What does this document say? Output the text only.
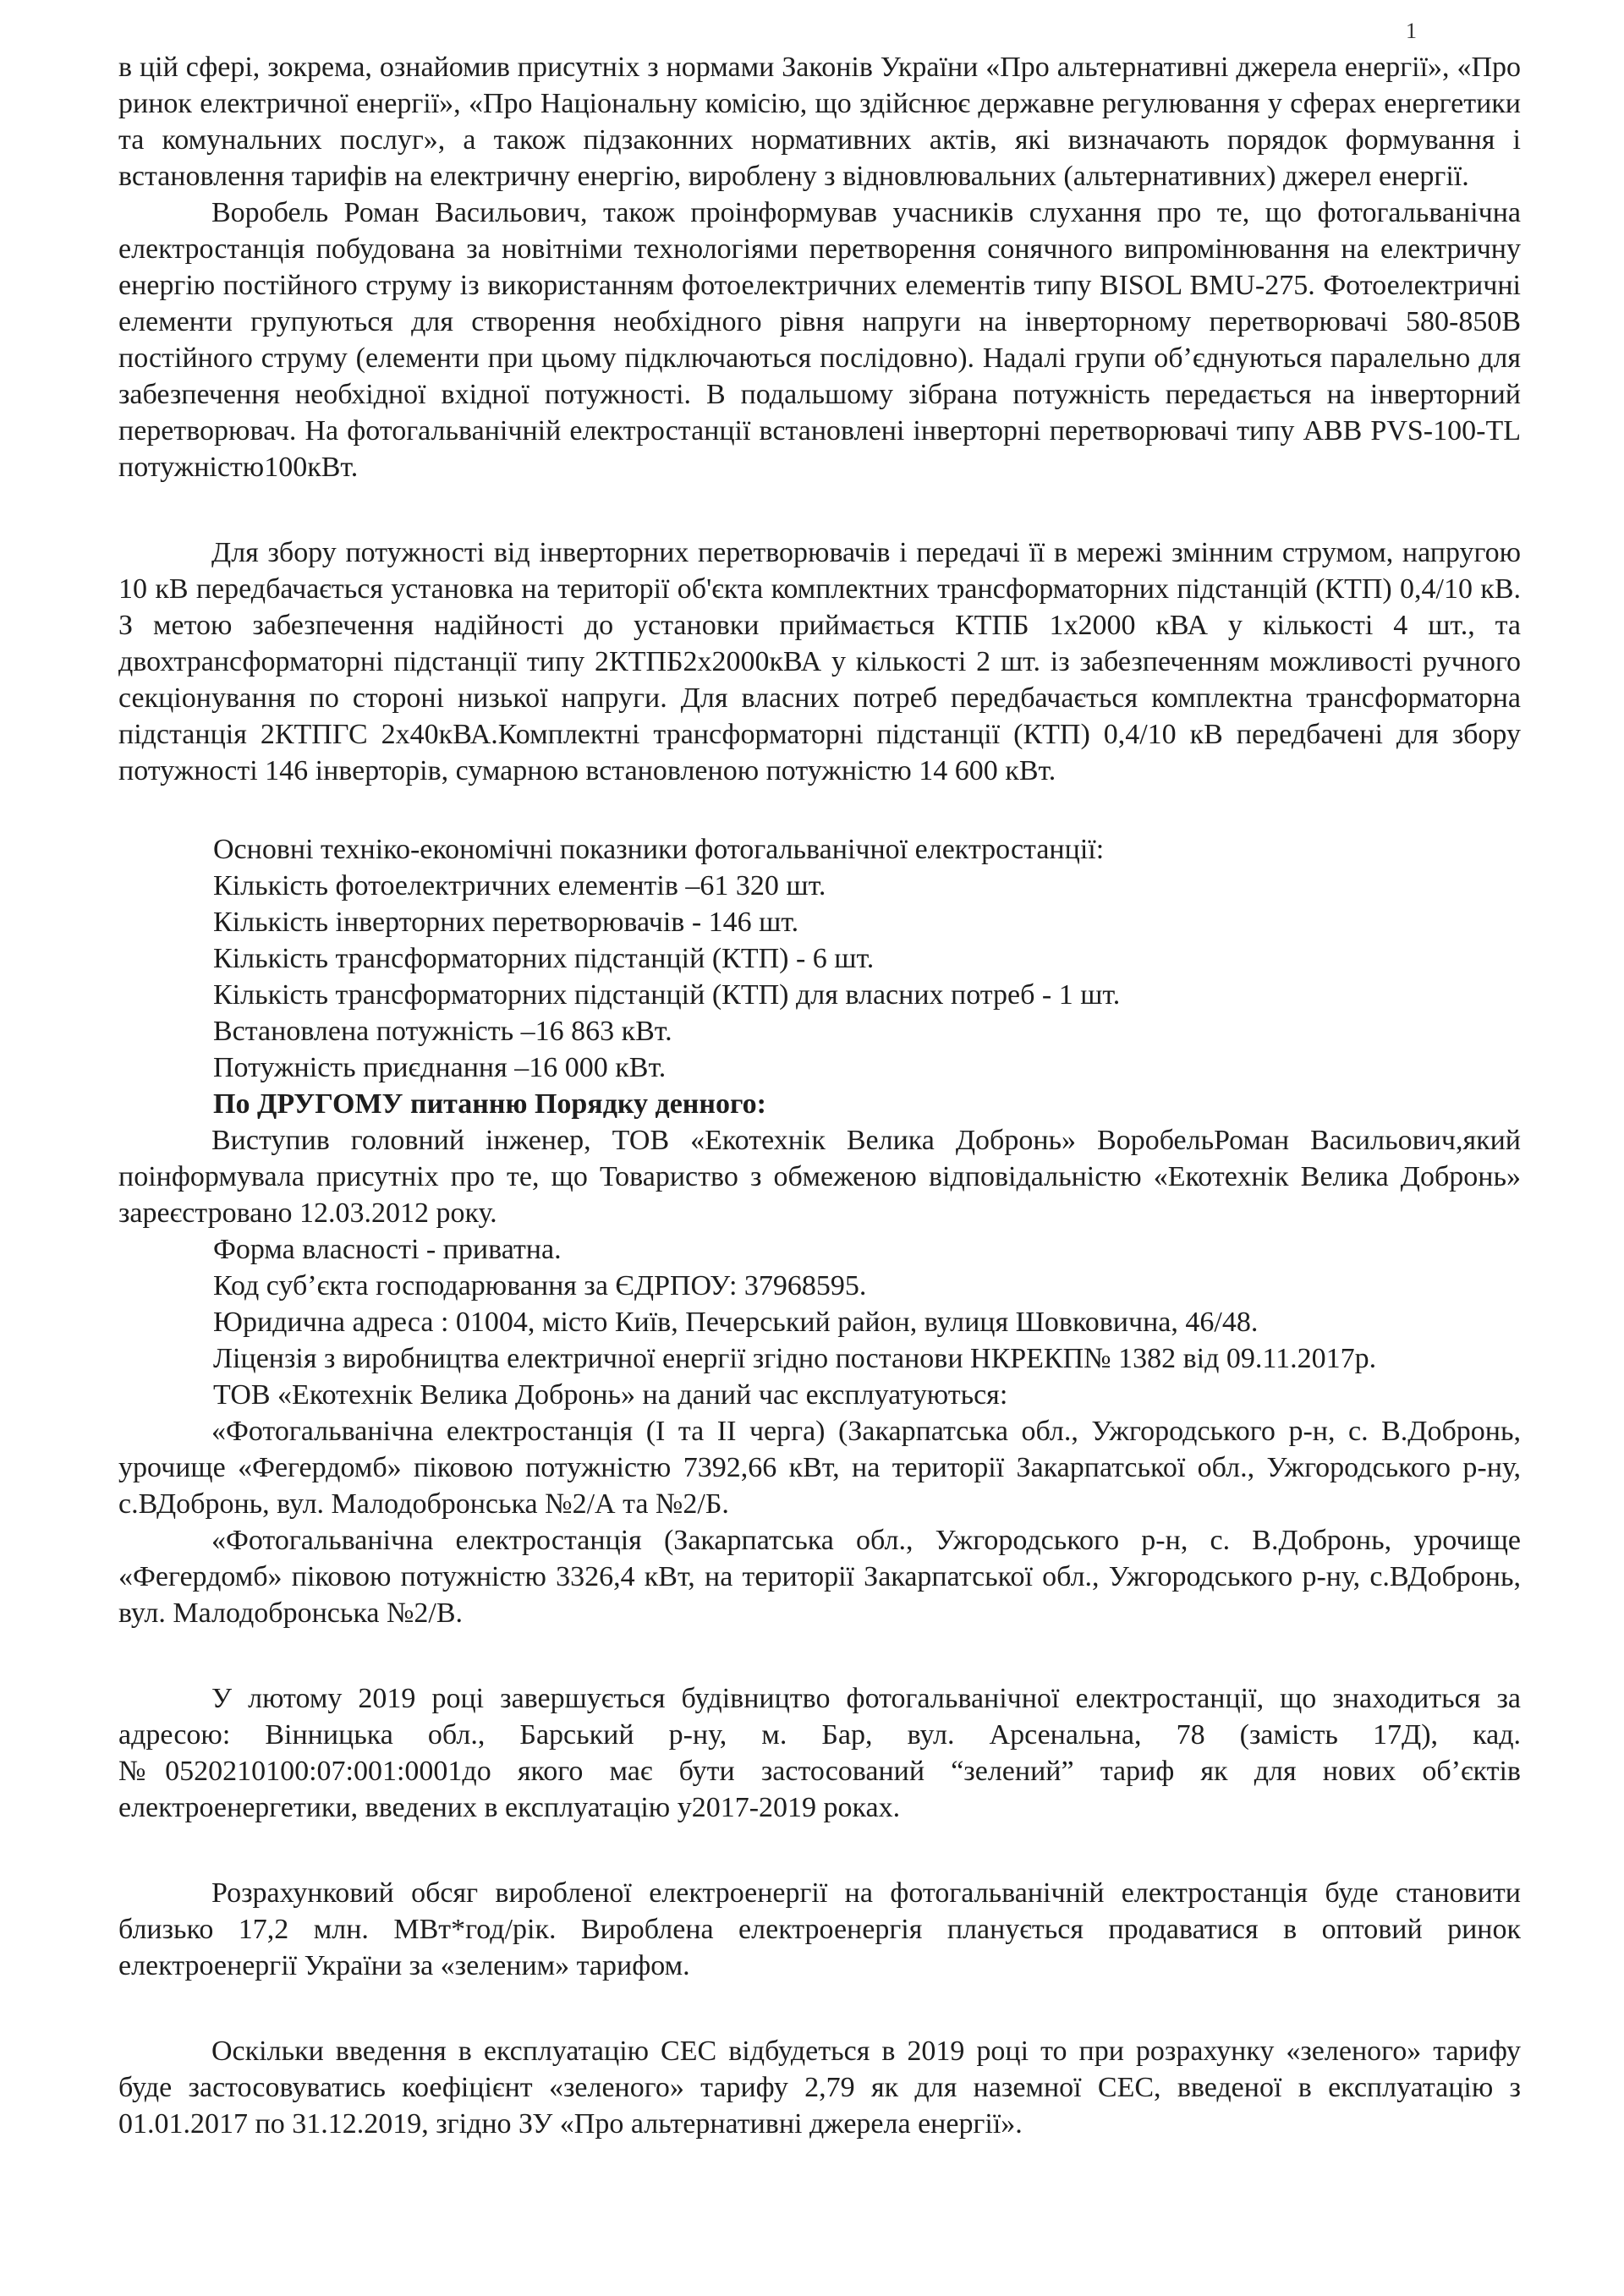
1

в цій сфері, зокрема, ознайомив присутніх з нормами Законів України «Про альтернативні джерела енергії», «Про ринок електричної енергії», «Про Національну комісію, що здійснює державне регулювання у сферах енергетики та комунальних послуг», а також підзаконних нормативних актів, які визначають порядок формування і встановлення тарифів на електричну енергію, вироблену з відновлювальних (альтернативних) джерел енергії.

Воробель Роман Васильович, також проінформував учасників слухання про те, що фотогальванічна електростанція побудована за новітніми технологіями перетворення сонячного випромінювання на електричну енергію постійного струму із використанням фотоелектричних елементів типу BISOL BMU-275. Фотоелектричні елементи групуються для створення необхідного рівня напруги на інверторному перетворювачі 580-850В постійного струму (елементи при цьому підключаються послідовно). Надалі групи об’єднуються паралельно для забезпечення необхідної вхідної потужності. В подальшому зібрана потужність передається на інверторний перетворювач. На фотогальванічній електростанції встановлені інверторні перетворювачі типу ABB PVS-100-TL потужністю100кВт.

Для збору потужності від інверторних перетворювачів і передачі її в мережі змінним струмом, напругою 10 кВ передбачається установка на території об'єкта комплектних трансформаторних підстанцій (КТП) 0,4/10 кВ. З метою забезпечення надійності до установки приймається КТПБ 1х2000 кВА у кількості 4 шт., та двохтрансформаторні підстанції типу 2КТПБ2х2000кВА у кількості 2 шт. із забезпеченням можливості ручного секціонування по стороні низької напруги. Для власних потреб передбачається комплектна трансформаторна підстанція 2КТПГС 2х40кВА.Комплектні трансформаторні підстанції (КТП) 0,4/10 кВ передбачені для збору потужності 146 інверторів, сумарною встановленою потужністю 14 600 кВт.

Основні техніко-економічні показники фотогальванічної електростанції:
Кількість фотоелектричних елементів –61 320 шт.
Кількість інверторних перетворювачів - 146 шт.
Кількість трансформаторних підстанцій (КТП) - 6 шт.
Кількість трансформаторних підстанцій (КТП) для власних потреб - 1 шт.
Встановлена потужність –16 863 кВт.
Потужність приєднання –16 000 кВт.

По ДРУГОМУ питанню Порядку денного:

Виступив головний інженер, ТОВ «Екотехнік Велика Добронь» ВоробельРоман Васильович,який поінформувала присутніх про те, що Товариство з обмеженою відповідальністю «Екотехнік Велика Добронь» зареєстровано 12.03.2012 року.

Форма власності - приватна.
Код суб’єкта господарювання за ЄДРПОУ: 37968595.
Юридична адреса : 01004, місто Київ, Печерський район, вулиця Шовковична, 46/48.
Ліцензія з виробництва електричної енергії згідно постанови НКРЕКП№ 1382 від 09.11.2017р.
ТОВ «Екотехнік Велика Добронь» на даний час експлуатуються:

«Фотогальванічна електростанція (І та ІІ черга) (Закарпатська обл., Ужгородського р-н, с. В.Добронь, урочище «Фегердомб» піковою потужністю 7392,66 кВт, на території Закарпатської обл., Ужгородського р-ну, с.ВДобронь, вул. Малодобронська №2/А та №2/Б.

«Фотогальванічна електростанція (Закарпатська обл., Ужгородського р-н, с. В.Добронь, урочище «Фегердомб» піковою потужністю 3326,4 кВт, на території Закарпатської обл., Ужгородського р-ну, с.ВДобронь, вул. Малодобронська №2/В.

У лютому 2019 році завершується будівництво фотогальванічної електростанції, що знаходиться за адресою: Вінницька обл., Барський р-ну, м. Бар, вул. Арсенальна, 78 (замість 17Д), кад. №0520210100:07:001:0001до якого має бути застосований “зелений” тариф як для нових об’єктів електроенергетики, введених в експлуатацію у2017-2019 роках.

Розрахунковий обсяг виробленої електроенергії на фотогальванічній електростанція буде становити близько 17,2 млн. МВт*год/рік. Вироблена електроенергія планується продаватися в оптовий ринок електроенергії України за «зеленим» тарифом.

Оскільки введення в експлуатацію СЕС відбудеться в 2019 році то при розрахунку «зеленого» тарифу буде застосовуватись коефіцієнт «зеленого» тарифу 2,79 як для наземної СЕС, введеної в експлуатацію з 01.01.2017 по 31.12.2019, згідно ЗУ «Про альтернативні джерела енергії».
